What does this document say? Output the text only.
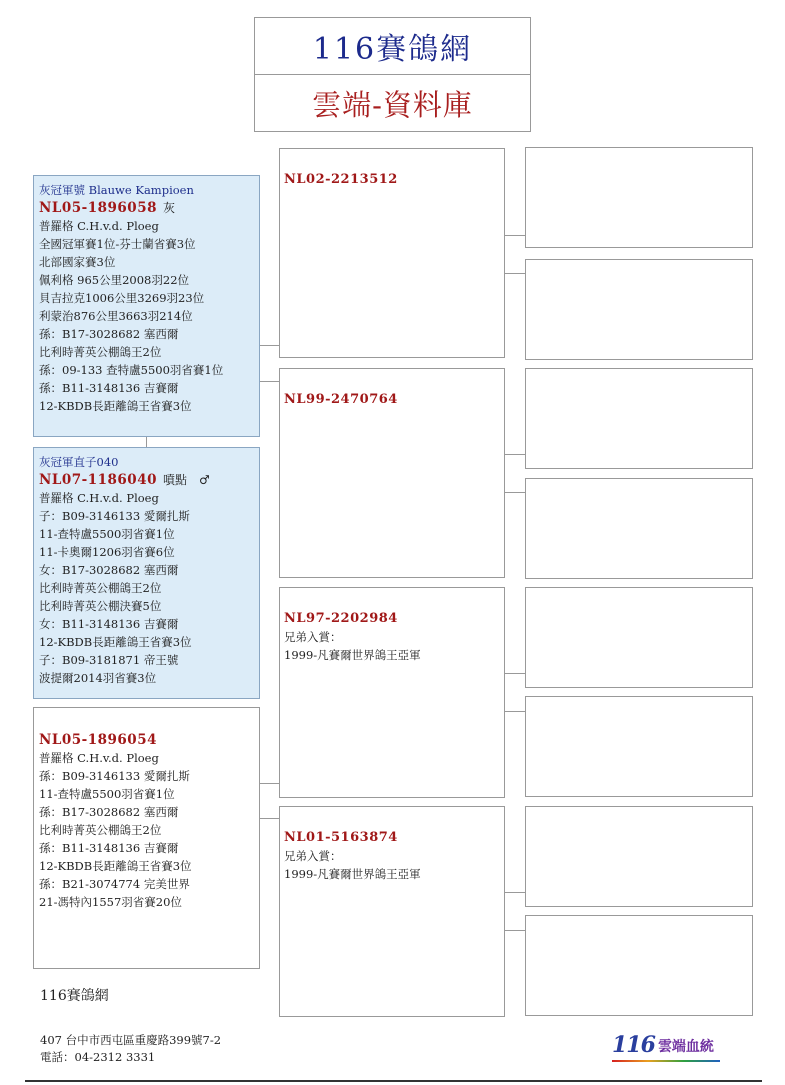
116賽鴿網
雲端-資料庫
灰冠軍號 Blauwe Kampioen
NL05-1896058 灰
普羅格 C.H.v.d. Ploeg
全國冠軍賽1位-芬士蘭省賽3位
北部國家賽3位
佩利格 965公里2008羽22位
貝吉拉克1006公里3269羽23位
利蒙治876公里3663羽214位
孫：B17-3028682 塞西爾
比利時菁英公棚鴿王2位
孫：09-133 查特盧5500羽省賽1位
孫：B11-3148136 吉賽爾
12-KBDB長距離鴿王省賽3位
灰冠軍直子040
NL07-1186040 噴點　♂
普羅格 C.H.v.d. Ploeg
子：B09-3146133 愛爾扎斯
11-查特盧5500羽省賽1位
11-卡奧爾1206羽省賽6位
女：B17-3028682 塞西爾
比利時菁英公棚鴿王2位
比利時菁英公棚決賽5位
女：B11-3148136 吉賽爾
12-KBDB長距離鴿王省賽3位
子：B09-3181871 帝王號
波提爾2014羽省賽3位
NL05-1896054
普羅格 C.H.v.d. Ploeg
孫：B09-3146133 愛爾扎斯
11-查特盧5500羽省賽1位
孫：B17-3028682 塞西爾
比利時菁英公棚鴿王2位
孫：B11-3148136 吉賽爾
12-KBDB長距離鴿王省賽3位
孫：B21-3074774 完美世界
21-馮特內1557羽省賽20位
NL02-2213512
NL99-2470764
NL97-2202984
兄弟入賞：
1999-凡賽爾世界鴿王亞軍
NL01-5163874
兄弟入賞：
1999-凡賽爾世界鴿王亞軍
116賽鴿網
407 台中市西屯區重慶路399號7-2
電話：04-2312 3331	116 雲端血統
